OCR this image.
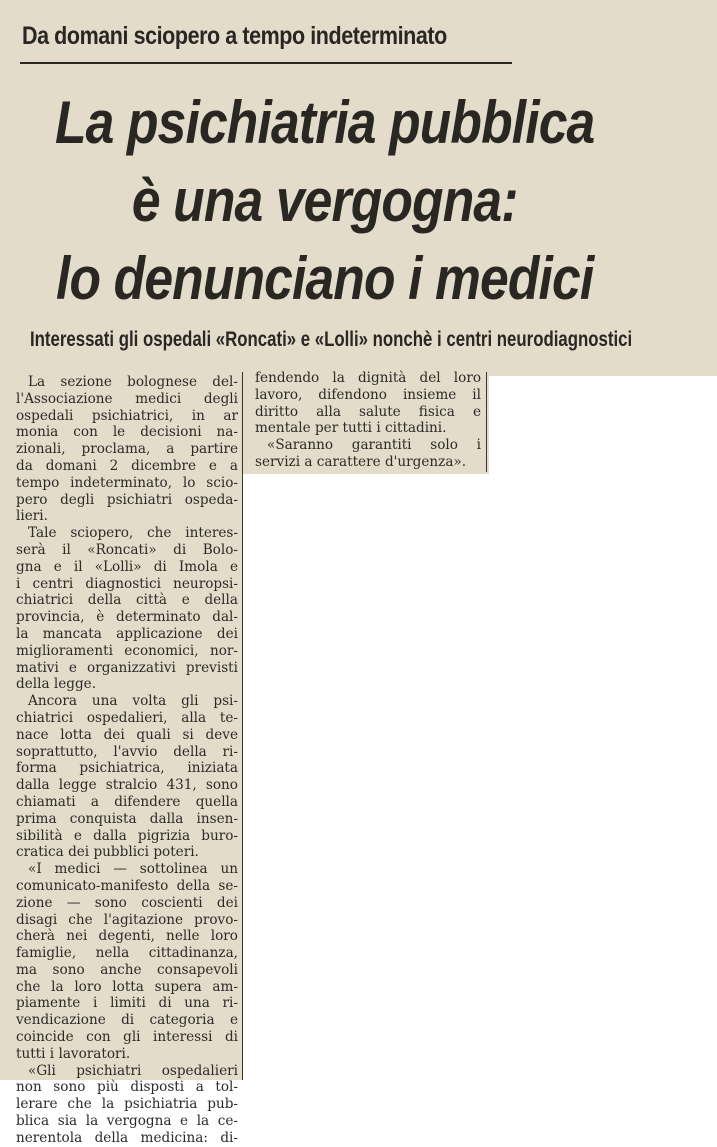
Da domani sciopero a tempo indeterminato
La psichiatria pubblica
è una vergogna:
lo denunciano i medici
Interessati gli ospedali «Roncati» e «Lolli» nonchè i centri neurodiagnostici
La sezione bolognese del-
l'Associazione medici degli
ospedali psichiatrici, in ar
monia con le decisioni na-
zionali, proclama, a partire
da domani 2 dicembre e a
tempo indeterminato, lo scio-
pero degli psichiatri ospeda-
lieri.
Tale sciopero, che interes-
serà il «Roncati» di Bolo-
gna e il «Lolli» di Imola e
i centri diagnostici neuropsi-
chiatrici della città e della
provincia, è determinato dal-
la mancata applicazione dei
miglioramenti economici, nor-
mativi e organizzativi previsti
della legge.
Ancora una volta gli psi-
chiatrici ospedalieri, alla te-
nace lotta dei quali si deve
soprattutto, l'avvio della ri-
forma psichiatrica, iniziata
dalla legge stralcio 431, sono
chiamati a difendere quella
prima conquista dalla insen-
sibilità e dalla pigrizia buro-
cratica dei pubblici poteri.
«I medici — sottolinea un
comunicato-manifesto della se-
zione — sono coscienti dei
disagi che l'agitazione provo-
cherà nei degenti, nelle loro
famiglie, nella cittadinanza,
ma sono anche consapevoli
che la loro lotta supera am-
piamente i limiti di una ri-
vendicazione di categoria e
coincide con gli interessi di
tutti i lavoratori.
«Gli psichiatri ospedalieri
non sono più disposti a tol-
lerare che la psichiatria pub-
blica sia la vergogna e la ce-
nerentola della medicina: di-
fendendo la dignità del loro
lavoro, difendono insieme il
diritto alla salute fisica e
mentale per tutti i cittadini.
«Saranno garantiti solo i
servizi a carattere d'urgenza».
